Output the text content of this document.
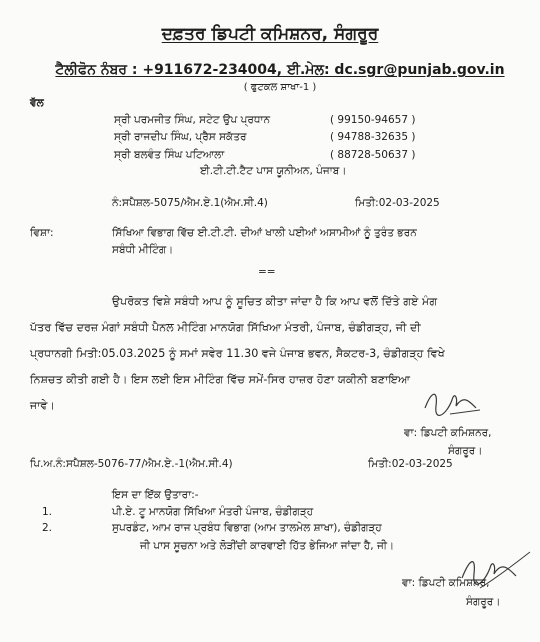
ਦਫ਼ਤਰ ਡਿਪਟੀ ਕਮਿਸ਼ਨਰ, ਸੰਗਰੂਰ
ਟੈਲੀਫੋਨ ਨੰਬਰ : +911672-234004, ਈ.ਮੇਲ: dc.sgr@punjab.gov.in
( ਫੁਟਕਲ ਸ਼ਾਖਾ-1 )
ਵੱਲ
ਸ੍ਰੀ ਪਰਮਜੀਤ ਸਿੰਘ, ਸਟੇਟ ਉਪ ਪ੍ਰਧਾਨ	( 99150-94657 )
ਸ੍ਰੀ ਰਾਜਦੀਪ ਸਿੰਘ, ਪ੍ਰੈਸ ਸਕੱਤਰ	( 94788-32635 )
ਸ੍ਰੀ ਬਲਵੰਤ ਸਿੰਘ ਪਟਿਆਲਾ	( 88728-50637 )
ਈ.ਟੀ.ਟੀ.ਟੈਟ ਪਾਸ ਯੂਨੀਅਨ, ਪੰਜਾਬ।
ਨੰ:ਸਪੈਸ਼ਲ-5075/ਐਮ.ਏ.1(ਐਮ.ਸੀ.4)	ਮਿਤੀ:02-03-2025
ਵਿਸ਼ਾ:	ਸਿੱਖਿਆ ਵਿਭਾਗ ਵਿੱਚ ਈ.ਟੀ.ਟੀ. ਦੀਆਂ ਖਾਲੀ ਪਈਆਂ ਅਸਾਮੀਆਂ ਨੂੰ ਤੁਰੰਤ ਭਰਨ
ਸਬੰਧੀ ਮੀਟਿੰਗ।
==
ਉਪਰੋਕਤ ਵਿਸ਼ੇ ਸਬੰਧੀ ਆਪ ਨੂੰ ਸੂਚਿਤ ਕੀਤਾ ਜਾਂਦਾ ਹੈ ਕਿ ਆਪ ਵਲੋਂ ਦਿੱਤੇ ਗਏ ਮੰਗ
ਪੱਤਰ ਵਿੱਚ ਦਰਜ਼ ਮੰਗਾਂ ਸਬੰਧੀ ਪੈਨਲ ਮੀਟਿੰਗ ਮਾਨਯੋਗ ਸਿੱਖਿਆ ਮੰਤਰੀ, ਪੰਜਾਬ, ਚੰਡੀਗੜ੍ਹ, ਜੀ ਦੀ
ਪ੍ਰਧਾਨਗੀ ਮਿਤੀ:05.03.2025 ਨੂੰ ਸਮਾਂ ਸਵੇਰ 11.30 ਵਜੇ ਪੰਜਾਬ ਭਵਨ, ਸੈਕਟਰ-3, ਚੰਡੀਗੜ੍ਹ ਵਿਖੇ
ਨਿਸ਼ਚਤ ਕੀਤੀ ਗਈ ਹੈ। ਇਸ ਲਈ ਇਸ ਮੀਟਿੰਗ ਵਿੱਚ ਸਮੇਂ-ਸਿਰ ਹਾਜ਼ਰ ਹੋਣਾ ਯਕੀਨੀ ਬਣਾਇਆ
ਜਾਵੇ।
ਵਾ: ਡਿਪਟੀ ਕਮਿਸ਼ਨਰ,
ਸੰਗਰੂਰ।
ਪਿ.ਅ.ਨੰ:ਸਪੈਸ਼ਲ-5076-77/ਐਮ.ਏ.-1(ਐਮ.ਸੀ.4)	ਮਿਤੀ:02-03-2025
ਇਸ ਦਾ ਇੱਕ ਉਤਾਰਾ:-
1.	ਪੀ.ਏ. ਟੂ ਮਾਨਯੋਗ ਸਿੱਖਿਆ ਮੰਤਰੀ ਪੰਜਾਬ, ਚੰਡੀਗੜ੍ਹ
2.	ਸੁਪਰਡੰਟ, ਆਮ ਰਾਜ ਪ੍ਰਬੰਧ ਵਿਭਾਗ (ਆਮ ਤਾਲਮੇਲ ਸ਼ਾਖਾ), ਚੰਡੀਗੜ੍ਹ
ਜੀ ਪਾਸ ਸੂਚਨਾ ਅਤੇ ਲੋੜੀਂਦੀ ਕਾਰਵਾਈ ਹਿੱਤ ਭੇਜਿਆ ਜਾਂਦਾ ਹੈ, ਜੀ।
ਵਾ: ਡਿਪਟੀ ਕਮਿਸ਼ਨਰ,
ਸੰਗਰੂਰ।
